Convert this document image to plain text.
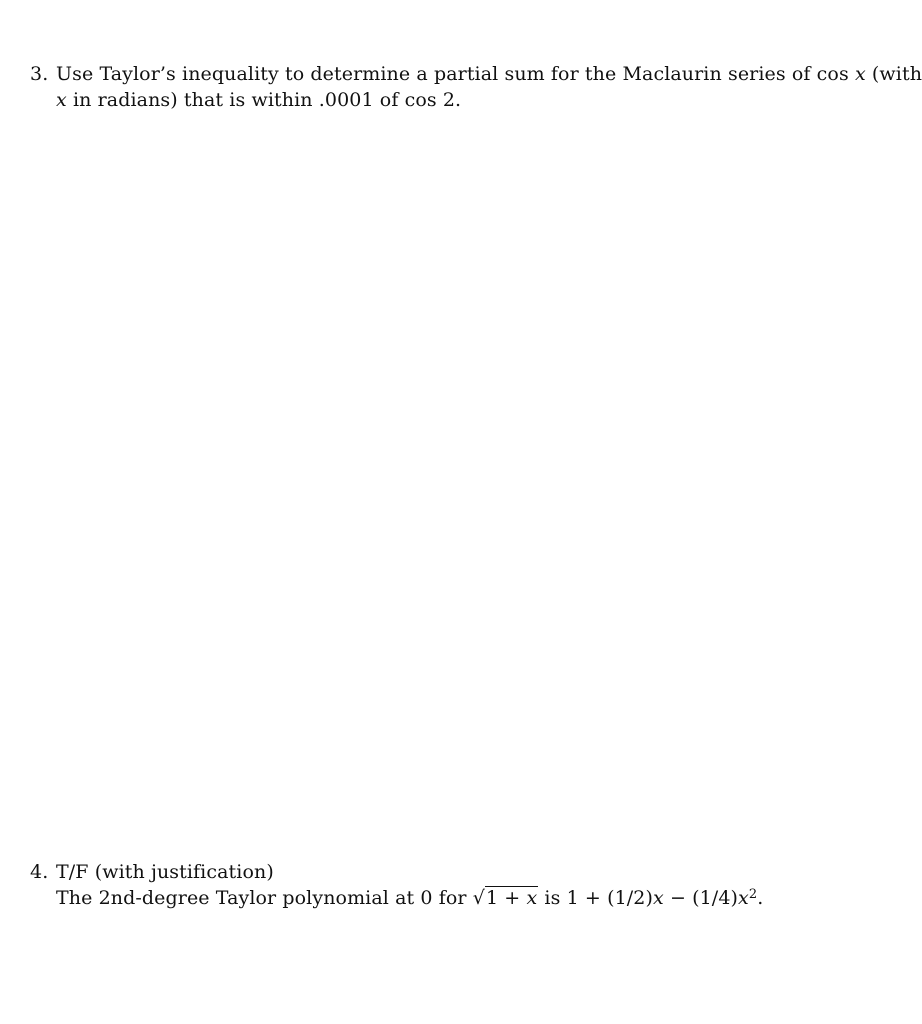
3. Use Taylor’s inequality to determine a partial sum for the Maclaurin series of cos x (with
x in radians) that is within .0001 of cos 2.
4. T/F (with justification)
The 2nd-degree Taylor polynomial at 0 for √1 + x is $1 + (1/2)x - (1/4)x^2$.
